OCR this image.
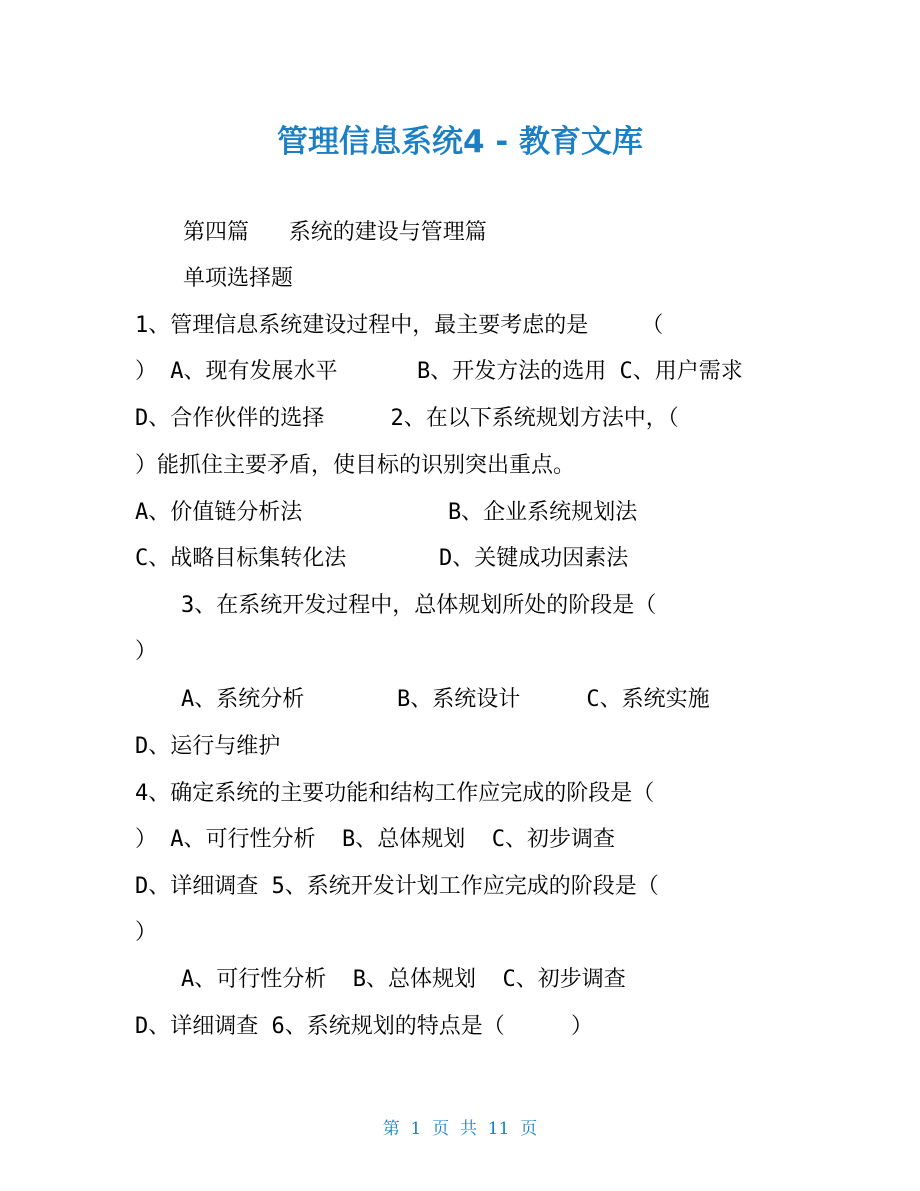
管理信息系统4 - 教育文库
第四篇   系统的建设与管理篇
单项选择题
1、管理信息系统建设过程中，最主要考虑的是    （
） A、现有发展水平      B、开发方法的选用 C、用户需求
D、合作伙伴的选择     2、在以下系统规划方法中，（
）能抓住主要矛盾，使目标的识别突出重点。
A、价值链分析法           B、企业系统规划法
C、战略目标集转化法       D、关键成功因素法
3、在系统开发过程中，总体规划所处的阶段是（
）
A、系统分析       B、系统设计     C、系统实施
D、运行与维护
4、确定系统的主要功能和结构工作应完成的阶段是（
） A、可行性分析  B、总体规划  C、初步调查
D、详细调查 5、系统开发计划工作应完成的阶段是（
）
A、可行性分析  B、总体规划  C、初步调查
D、详细调查 6、系统规划的特点是（     ）
第  1  页  共  11  页
